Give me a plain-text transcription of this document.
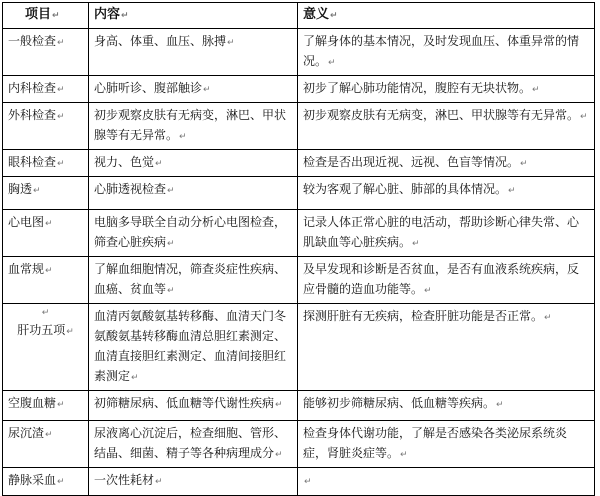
项目↵	内容↵	意义↵
一般检查↵	身高、体重、血压、脉搏↵	了解身体的基本情况，及时发现血压、体重异常的情况。↵
内科检查↵	心肺听诊、腹部触诊↵	初步了解心肺功能情况，腹腔有无块状物。↵
外科检查↵	初步观察皮肤有无病变，淋巴、甲状腺等有无异常。↵	初步观察皮肤有无病变，淋巴、甲状腺等有无异常。↵
眼科检查↵	视力、色觉↵	检查是否出现近视、远视、色盲等情况。↵
胸透↵	心肺透视检查↵	较为客观了解心脏、肺部的具体情况。↵
心电图↵	电脑多导联全自动分析心电图检查，筛查心脏疾病↵	记录人体正常心脏的电活动，帮助诊断心律失常、心肌缺血等心脏疾病。↵
血常规↵	了解血细胞情况，筛查炎症性疾病、血癌、贫血等↵	及早发现和诊断是否贫血，是否有血液系统疾病，反应骨髓的造血功能等。↵

↵
肝功五项↵	血清丙氨酸氨基转移酶、血清天门冬氨酸氨基转移酶血清总胆红素测定、血清直接胆红素测定、血清间接胆红素测定↵	探测肝脏有无疾病，检查肝脏功能是否正常。↵
空腹血糖↵	初筛糖尿病、低血糖等代谢性疾病↵	能够初步筛糖尿病、低血糖等疾病。↵
尿沉渣↵	尿液离心沉淀后，检查细胞、管形、结晶、细菌、精子等各种病理成分↵	检查身体代谢功能，了解是否感染各类泌尿系统炎症，肾脏炎症等。↵
静脉采血↵	一次性耗材↵	↵
